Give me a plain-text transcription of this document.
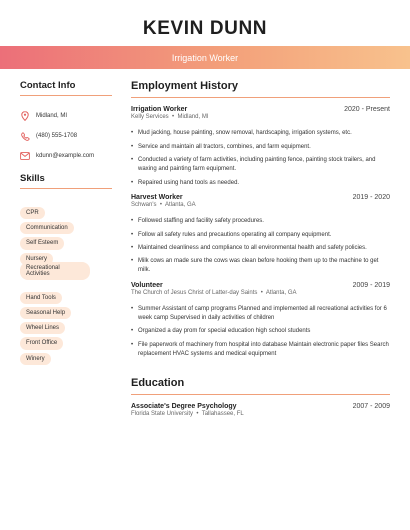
KEVIN DUNN
Irrigation Worker
Contact Info
Midland, MI
(480) 555-1708
kdunn@example.com
Skills
CPR
Communication
Self Esteem
Nursery
Recreational Activities
Hand Tools
Seasonal Help
Wheel Lines
Front Office
Winery
Employment History
Irrigation Worker	2020 - Present
Kelly Services  •  Midland, MI
• Mud jacking, house painting, snow removal, hardscaping, irrigation systems, etc.
• Service and maintain all tractors, combines, and farm equipment.
• Conducted a variety of farm activities, including painting fence, painting stock trailers, and waxing and painting farm equipment.
• Repaired using hand tools as needed.
Harvest Worker	2019 - 2020
Schwan's  •  Atlanta, GA
• Followed staffing and facility safety procedures.
• Follow all safety rules and precautions operating all company equipment.
• Maintained cleanliness and compliance to all environmental health and safety policies.
• Milk cows an made sure the cows was clean before hooking them up to the machine to get milk.
Volunteer	2009 - 2019
The Church of Jesus Christ of Latter-day Saints  •  Atlanta, GA
• Summer Assistant of camp programs Planned and implemented all recreational activities for 6 week camp Supervised in daily activities of children
• Organized a day prom for special education high school students
• File paperwork of machinery from hospital into database Maintain electronic paper files Search replacement HVAC systems and medical equipment
Education
Associate's Degree Psychology	2007 - 2009
Florida State University  •  Tallahassee, FL
